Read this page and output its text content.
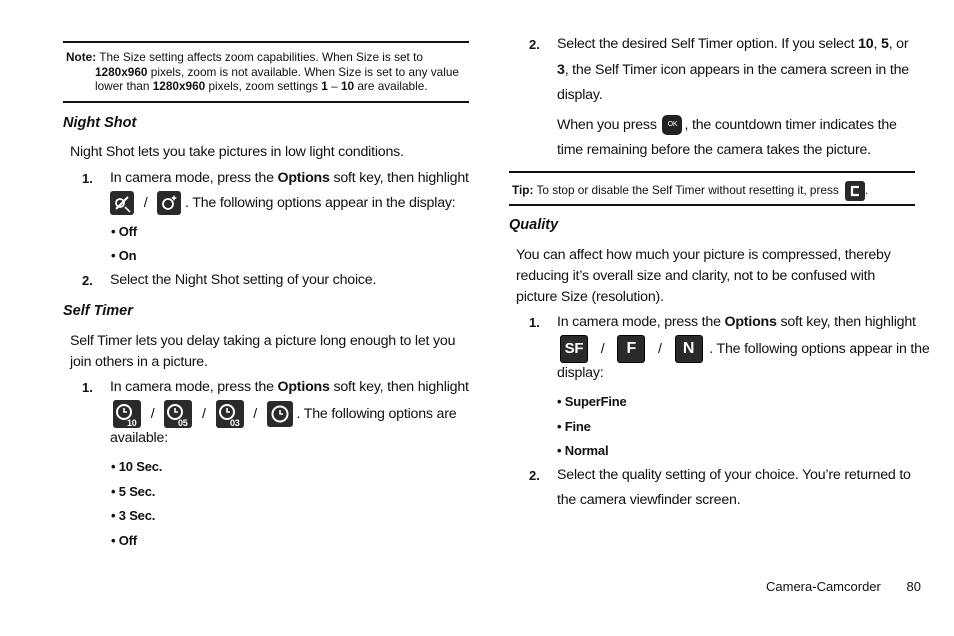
Note: The Size setting affects zoom capabilities. When Size is set to
1280x960 pixels, zoom is not available. When Size is set to any value
lower than 1280x960 pixels, zoom settings 1 – 10 are available.
Night Shot
Night Shot lets you take pictures in low light conditions.
1. In camera mode, press the Options soft key, then highlight
/	. The following options appear in the display:
• Off
• On
2. Select the Night Shot setting of your choice.
Self Timer
Self Timer lets you delay taking a picture long enough to let you
join others in a picture.
1. In camera mode, press the Options soft key, then highlight
10
/
05
/
03
/	. The following options are
available:
• 10 Sec.
• 5 Sec.
• 3 Sec.
• Off
2. Select the desired Self Timer option. If you select 10, 5, or
3, the Self Timer icon appears in the camera screen in the
display.
When you press OK , the countdown timer indicates the
time remaining before the camera takes the picture.
Tip: To stop or disable the Self Timer without resetting it, press .
Quality
You can affect how much your picture is compressed, thereby
reducing it’s overall size and clarity, not to be confused with
picture Size (resolution).
1. In camera mode, press the Options soft key, then highlight
SF / F / N . The following options appear in the
display:
• SuperFine
• Fine
• Normal
2. Select the quality setting of your choice. You’re returned to
the camera viewfinder screen.
Camera-Camcorder 80
